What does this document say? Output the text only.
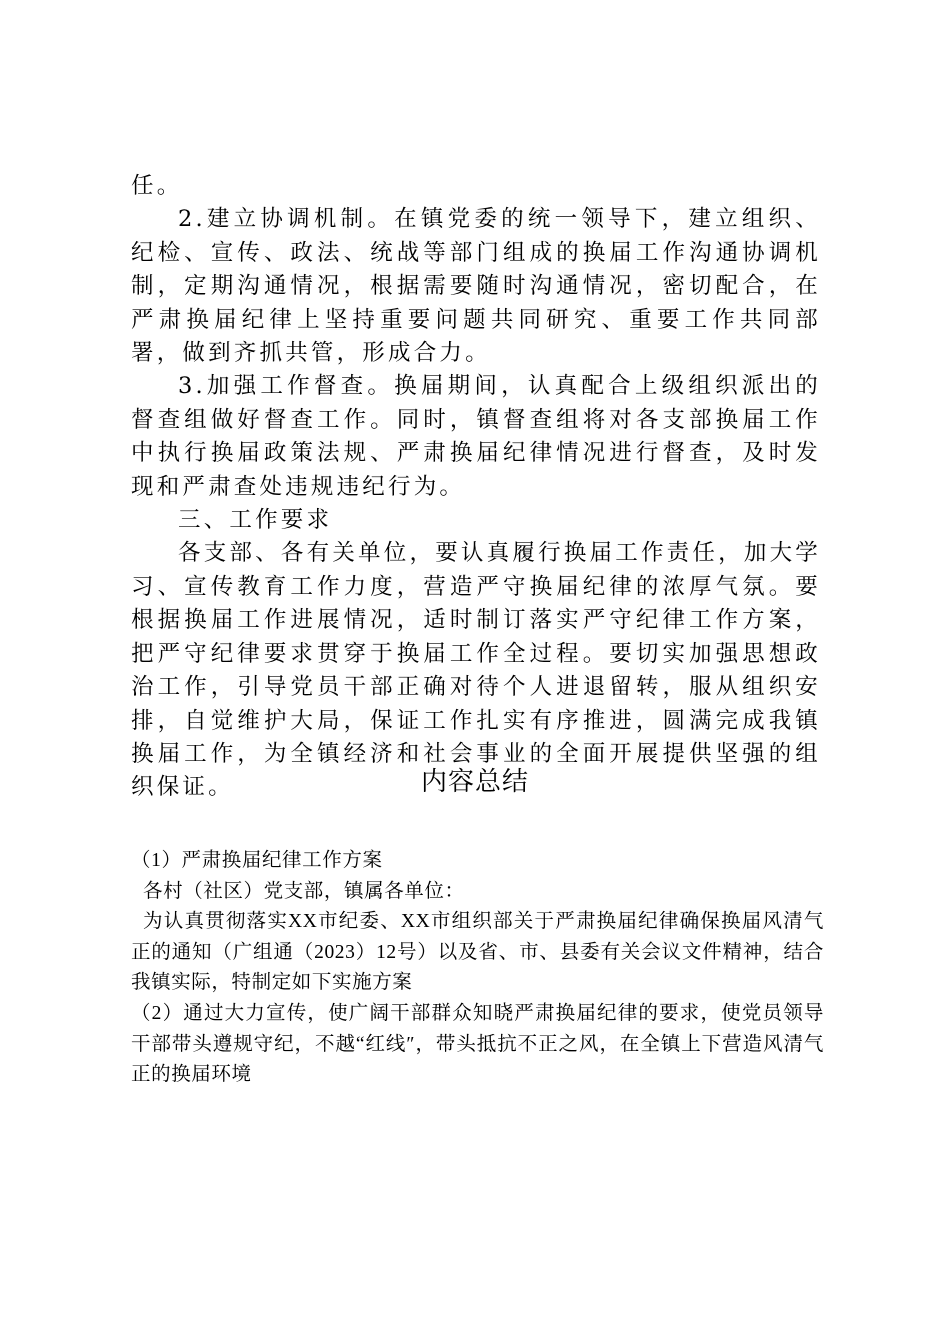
任。

2.建立协调机制。在镇党委的统一领导下，建立组织、纪检、宣传、政法、统战等部门组成的换届工作沟通协调机制，定期沟通情况，根据需要随时沟通情况，密切配合，在严肃换届纪律上坚持重要问题共同研究、重要工作共同部署，做到齐抓共管，形成合力。

3.加强工作督查。换届期间，认真配合上级组织派出的督查组做好督查工作。同时，镇督查组将对各支部换届工作中执行换届政策法规、严肃换届纪律情况进行督查，及时发现和严肃查处违规违纪行为。

三、工作要求

各支部、各有关单位，要认真履行换届工作责任，加大学习、宣传教育工作力度，营造严守换届纪律的浓厚气氛。要根据换届工作进展情况，适时制订落实严守纪律工作方案，把严守纪律要求贯穿于换届工作全过程。要切实加强思想政治工作，引导党员干部正确对待个人进退留转，服从组织安排，自觉维护大局，保证工作扎实有序推进，圆满完成我镇换届工作，为全镇经济和社会事业的全面开展提供坚强的组织保证。	内容总结

（1）严肃换届纪律工作方案

各村（社区）党支部，镇属各单位：

为认真贯彻落实XX市纪委、XX市组织部关于严肃换届纪律确保换届风清气正的通知（广组通（2023）12号）以及省、市、县委有关会议文件精神，结合我镇实际，特制定如下实施方案

（2）通过大力宣传，使广阔干部群众知晓严肃换届纪律的要求，使党员领导干部带头遵规守纪，不越“红线″，带头抵抗不正之风，在全镇上下营造风清气正的换届环境
